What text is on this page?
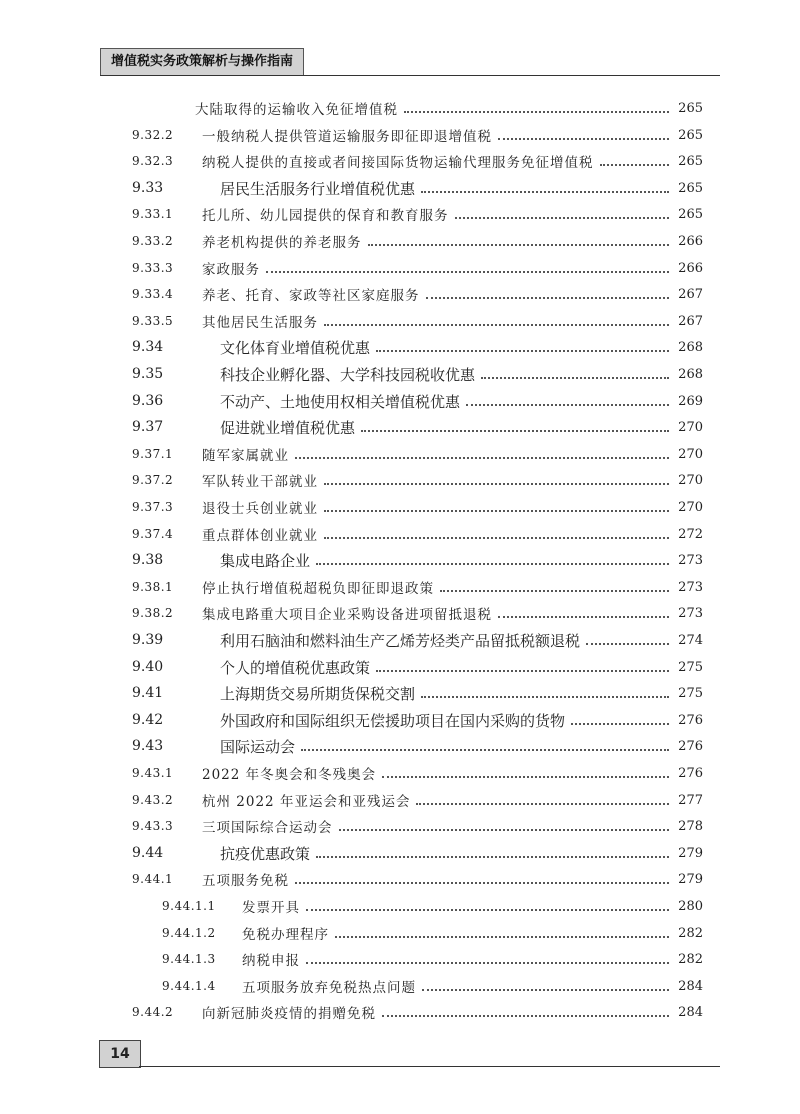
增值税实务政策解析与操作指南
大陆取得的运输收入免征增值税	265
9.32.2	一般纳税人提供管道运输服务即征即退增值税	265
9.32.3	纳税人提供的直接或者间接国际货物运输代理服务免征增值税	265
9.33	居民生活服务行业增值税优惠	265
9.33.1	托儿所、幼儿园提供的保育和教育服务	265
9.33.2	养老机构提供的养老服务	266
9.33.3	家政服务	266
9.33.4	养老、托育、家政等社区家庭服务	267
9.33.5	其他居民生活服务	267
9.34	文化体育业增值税优惠	268
9.35	科技企业孵化器、大学科技园税收优惠	268
9.36	不动产、土地使用权相关增值税优惠	269
9.37	促进就业增值税优惠	270
9.37.1	随军家属就业	270
9.37.2	军队转业干部就业	270
9.37.3	退役士兵创业就业	270
9.37.4	重点群体创业就业	272
9.38	集成电路企业	273
9.38.1	停止执行增值税超税负即征即退政策	273
9.38.2	集成电路重大项目企业采购设备进项留抵退税	273
9.39	利用石脑油和燃料油生产乙烯芳烃类产品留抵税额退税	274
9.40	个人的增值税优惠政策	275
9.41	上海期货交易所期货保税交割	275
9.42	外国政府和国际组织无偿援助项目在国内采购的货物	276
9.43	国际运动会	276
9.43.1	2022 年冬奥会和冬残奥会	276
9.43.2	杭州 2022 年亚运会和亚残运会	277
9.43.3	三项国际综合运动会	278
9.44	抗疫优惠政策	279
9.44.1	五项服务免税	279
9.44.1.1	发票开具	280
9.44.1.2	免税办理程序	282
9.44.1.3	纳税申报	282
9.44.1.4	五项服务放弃免税热点问题	284
9.44.2	向新冠肺炎疫情的捐赠免税	284
14
